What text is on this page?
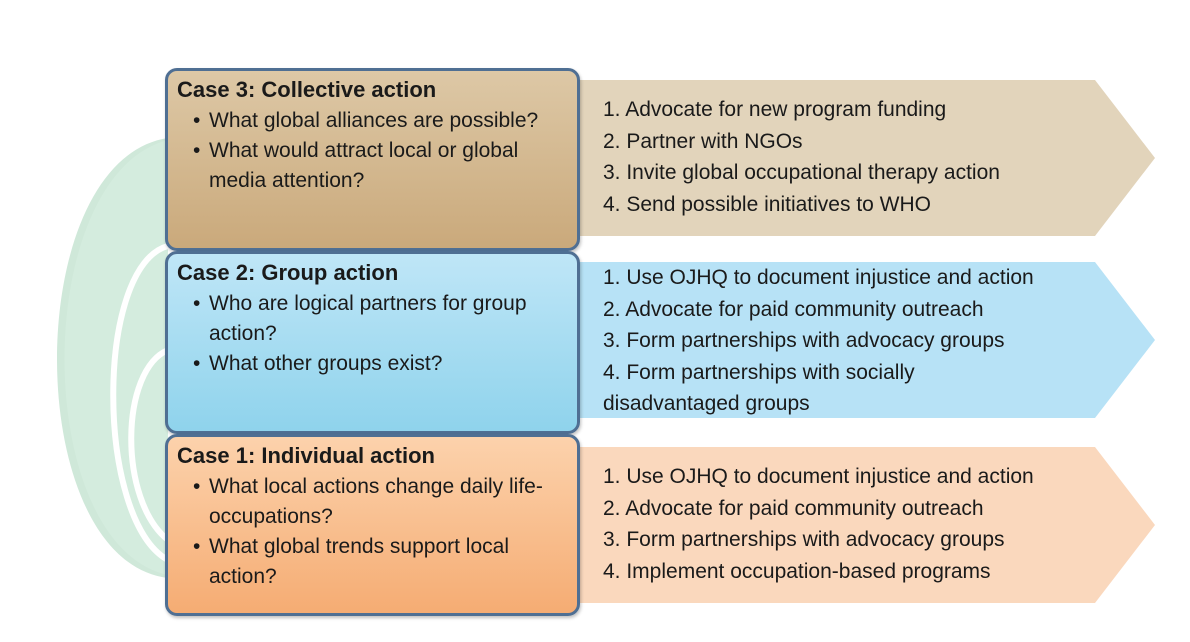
Case 3: Collective action
• What global alliances are possible?
• What would attract local or global media attention?
1. Advocate for new program funding
2. Partner with NGOs
3. Invite global occupational therapy action
4. Send possible initiatives to WHO
Case 2: Group action
• Who are logical partners for group action?
• What other groups exist?
1. Use OJHQ to document injustice and action
2. Advocate for paid community outreach
3. Form partnerships with advocacy groups
4. Form partnerships with socially disadvantaged groups
Case 1: Individual action
• What local actions change daily life-occupations?
• What global trends support local action?
1. Use OJHQ to document injustice and action
2. Advocate for paid community outreach
3. Form partnerships with advocacy groups
4. Implement occupation-based programs
